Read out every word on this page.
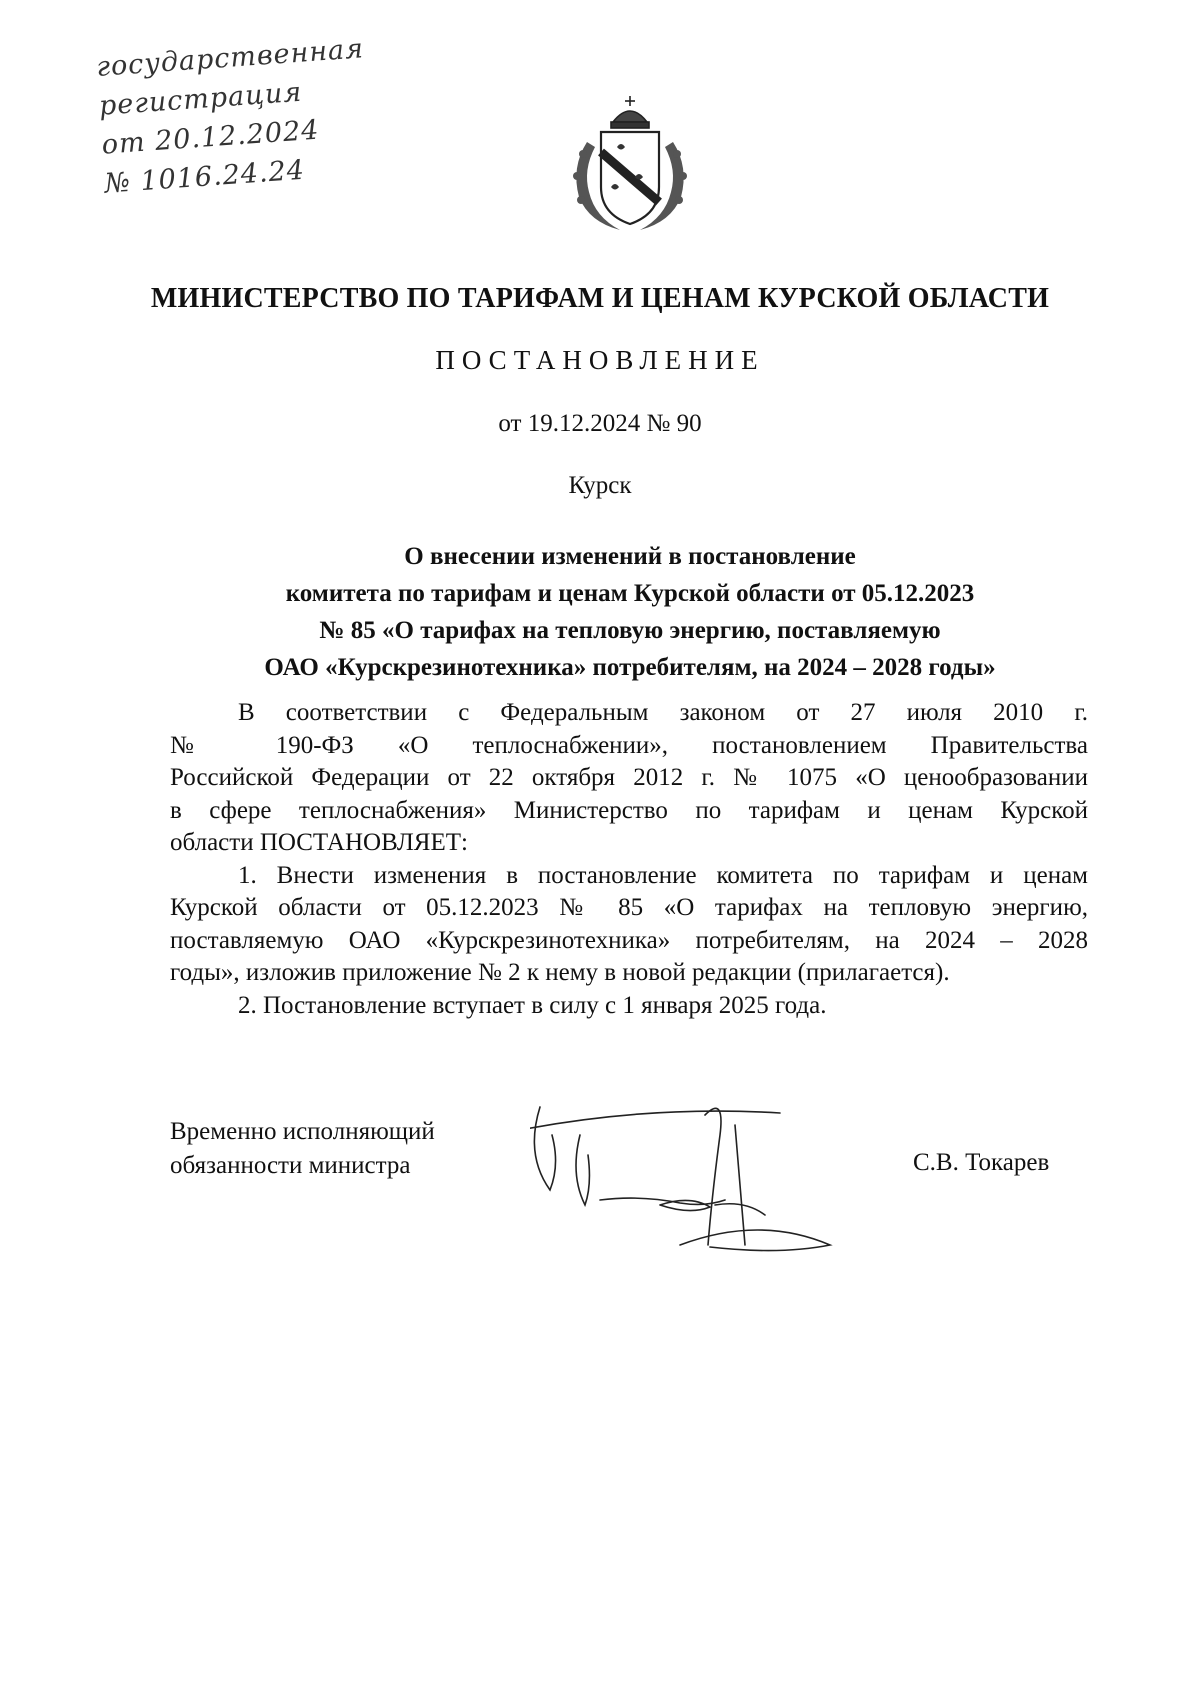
государственная
регистрация
от 20.12.2024
№ 1016.24.24
МИНИСТЕРСТВО ПО ТАРИФАМ И ЦЕНАМ КУРСКОЙ ОБЛАСТИ
ПОСТАНОВЛЕНИЕ
от 19.12.2024 № 90
Курск
О внесении изменений в постановление
комитета по тарифам и ценам Курской области от 05.12.2023
№ 85 «О тарифах на тепловую энергию, поставляемую
ОАО «Курскрезинотехника» потребителям, на 2024 – 2028 годы»
В соответствии с Федеральным законом от 27 июля 2010 г.
№ 190-ФЗ «О теплоснабжении», постановлением Правительства
Российской Федерации от 22 октября 2012 г. № 1075 «О ценообразовании
в сфере теплоснабжения» Министерство по тарифам и ценам Курской
области ПОСТАНОВЛЯЕТ:
1. Внести изменения в постановление комитета по тарифам и ценам
Курской области от 05.12.2023 № 85 «О тарифах на тепловую энергию,
поставляемую ОАО «Курскрезинотехника» потребителям, на 2024 – 2028
годы», изложив приложение № 2 к нему в новой редакции (прилагается).
2. Постановление вступает в силу с 1 января 2025 года.
Временно исполняющий
обязанности министра	С.В. Токарев
